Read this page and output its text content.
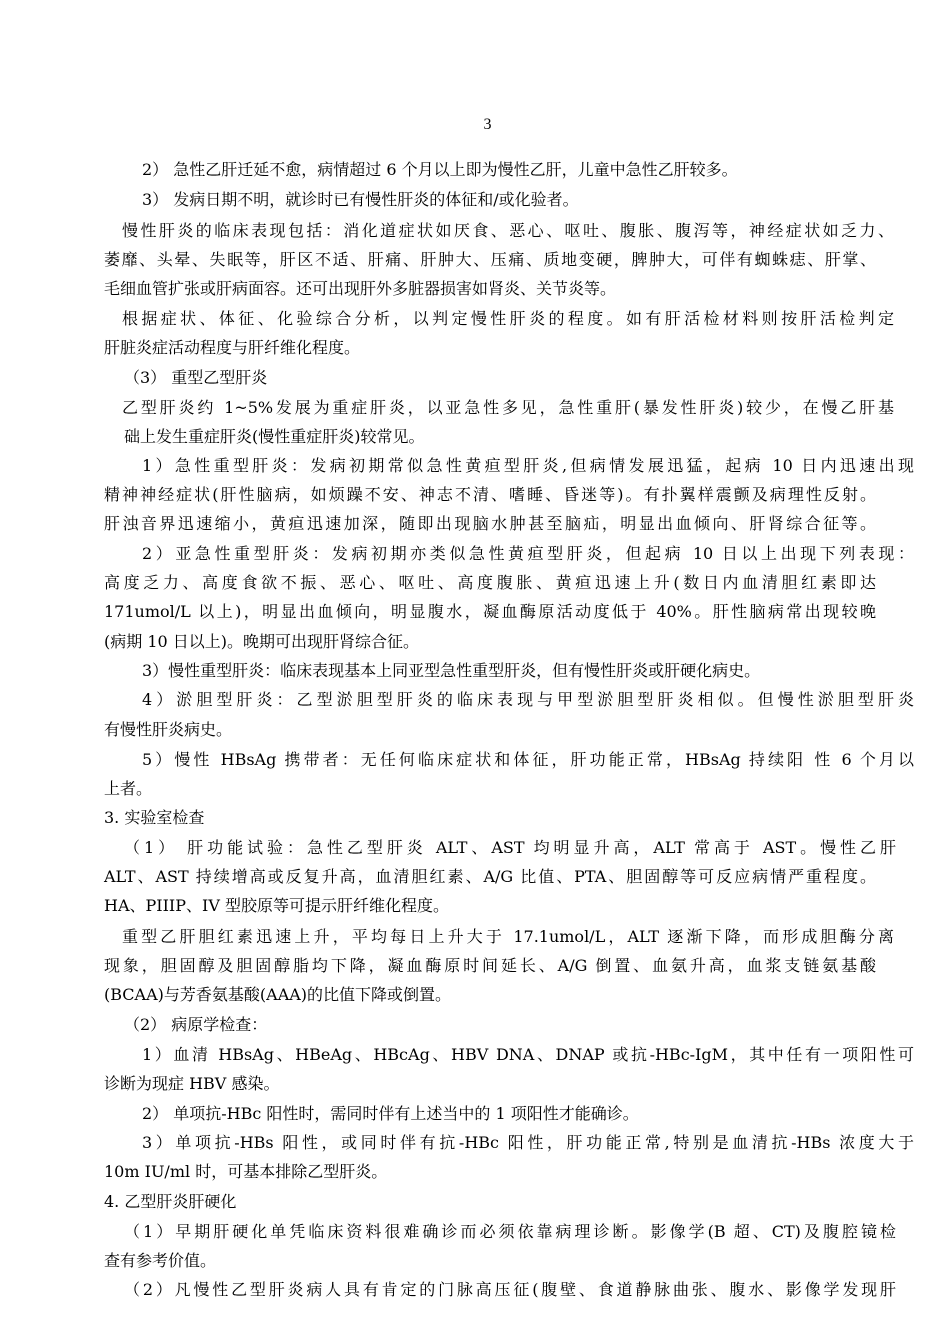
3
2） 急性乙肝迁延不愈，病情超过 6 个月以上即为慢性乙肝，儿童中急性乙肝较多。
3） 发病日期不明，就诊时已有慢性肝炎的体征和/或化验者。
慢性肝炎的临床表现包括：消化道症状如厌食、恶心、呕吐、腹胀、腹泻等，神经症状如乏力、
萎靡、头晕、失眠等，肝区不适、肝痛、肝肿大、压痛、质地变硬，脾肿大，可伴有蜘蛛痣、肝掌、
毛细血管扩张或肝病面容。还可出现肝外多脏器损害如肾炎、关节炎等。
根据症状、体征、化验综合分析，以判定慢性肝炎的程度。如有肝活检材料则按肝活检判定
肝脏炎症活动程度与肝纤维化程度。
（3） 重型乙型肝炎
乙型肝炎约 1~5%发展为重症肝炎，以亚急性多见，急性重肝(暴发性肝炎)较少，在慢乙肝基
础上发生重症肝炎(慢性重症肝炎)较常见。
1）急性重型肝炎：发病初期常似急性黄疸型肝炎,但病情发展迅猛，起病 10 日内迅速出现
精神神经症状(肝性脑病，如烦躁不安、神志不清、嗜睡、昏迷等)。有扑翼样震颤及病理性反射。
肝浊音界迅速缩小，黄疸迅速加深，随即出现脑水肿甚至脑疝，明显出血倾向、肝肾综合征等。
2）亚急性重型肝炎：发病初期亦类似急性黄疸型肝炎，但起病 10 日以上出现下列表现：
高度乏力、高度食欲不振、恶心、呕吐、高度腹胀、黄疸迅速上升(数日内血清胆红素即达
171umol/L 以上)，明显出血倾向，明显腹水，凝血酶原活动度低于 40%。肝性脑病常出现较晚
(病期 10 日以上)。晚期可出现肝肾综合征。
3）慢性重型肝炎：临床表现基本上同亚型急性重型肝炎，但有慢性肝炎或肝硬化病史。
4）淤胆型肝炎：乙型淤胆型肝炎的临床表现与甲型淤胆型肝炎相似。但慢性淤胆型肝炎
有慢性肝炎病史。
5）慢性 HBsAg 携带者：无任何临床症状和体征，肝功能正常，HBsAg 持续阳 性 6 个月以
上者。
3. 实验室检查
（1） 肝功能试验：急性乙型肝炎 ALT、AST 均明显升高，ALT 常高于 AST。慢性乙肝
ALT、AST 持续增高或反复升高，血清胆红素、A/G 比值、PTA、胆固醇等可反应病情严重程度。
HA、PIIIP、IV 型胶原等可提示肝纤维化程度。
重型乙肝胆红素迅速上升，平均每日上升大于 17.1umol/L，ALT 逐渐下降，而形成胆酶分离
现象，胆固醇及胆固醇脂均下降，凝血酶原时间延长、A/G 倒置、血氨升高，血浆支链氨基酸
(BCAA)与芳香氨基酸(AAA)的比值下降或倒置。
（2） 病原学检查：
1）血清 HBsAg、HBeAg、HBcAg、HBV DNA、DNAP 或抗-HBc-IgM，其中任有一项阳性可
诊断为现症 HBV 感染。
2） 单项抗-HBc 阳性时，需同时伴有上述当中的 1 项阳性才能确诊。
3）单项抗-HBs 阳性，或同时伴有抗-HBc 阳性，肝功能正常,特别是血清抗-HBs 浓度大于
10m IU/ml 时，可基本排除乙型肝炎。
4. 乙型肝炎肝硬化
（1）早期肝硬化单凭临床资料很难确诊而必须依靠病理诊断。影像学(B 超、CT)及腹腔镜检
查有参考价值。
（2）凡慢性乙型肝炎病人具有肯定的门脉高压征(腹壁、食道静脉曲张、腹水、影像学发现肝
